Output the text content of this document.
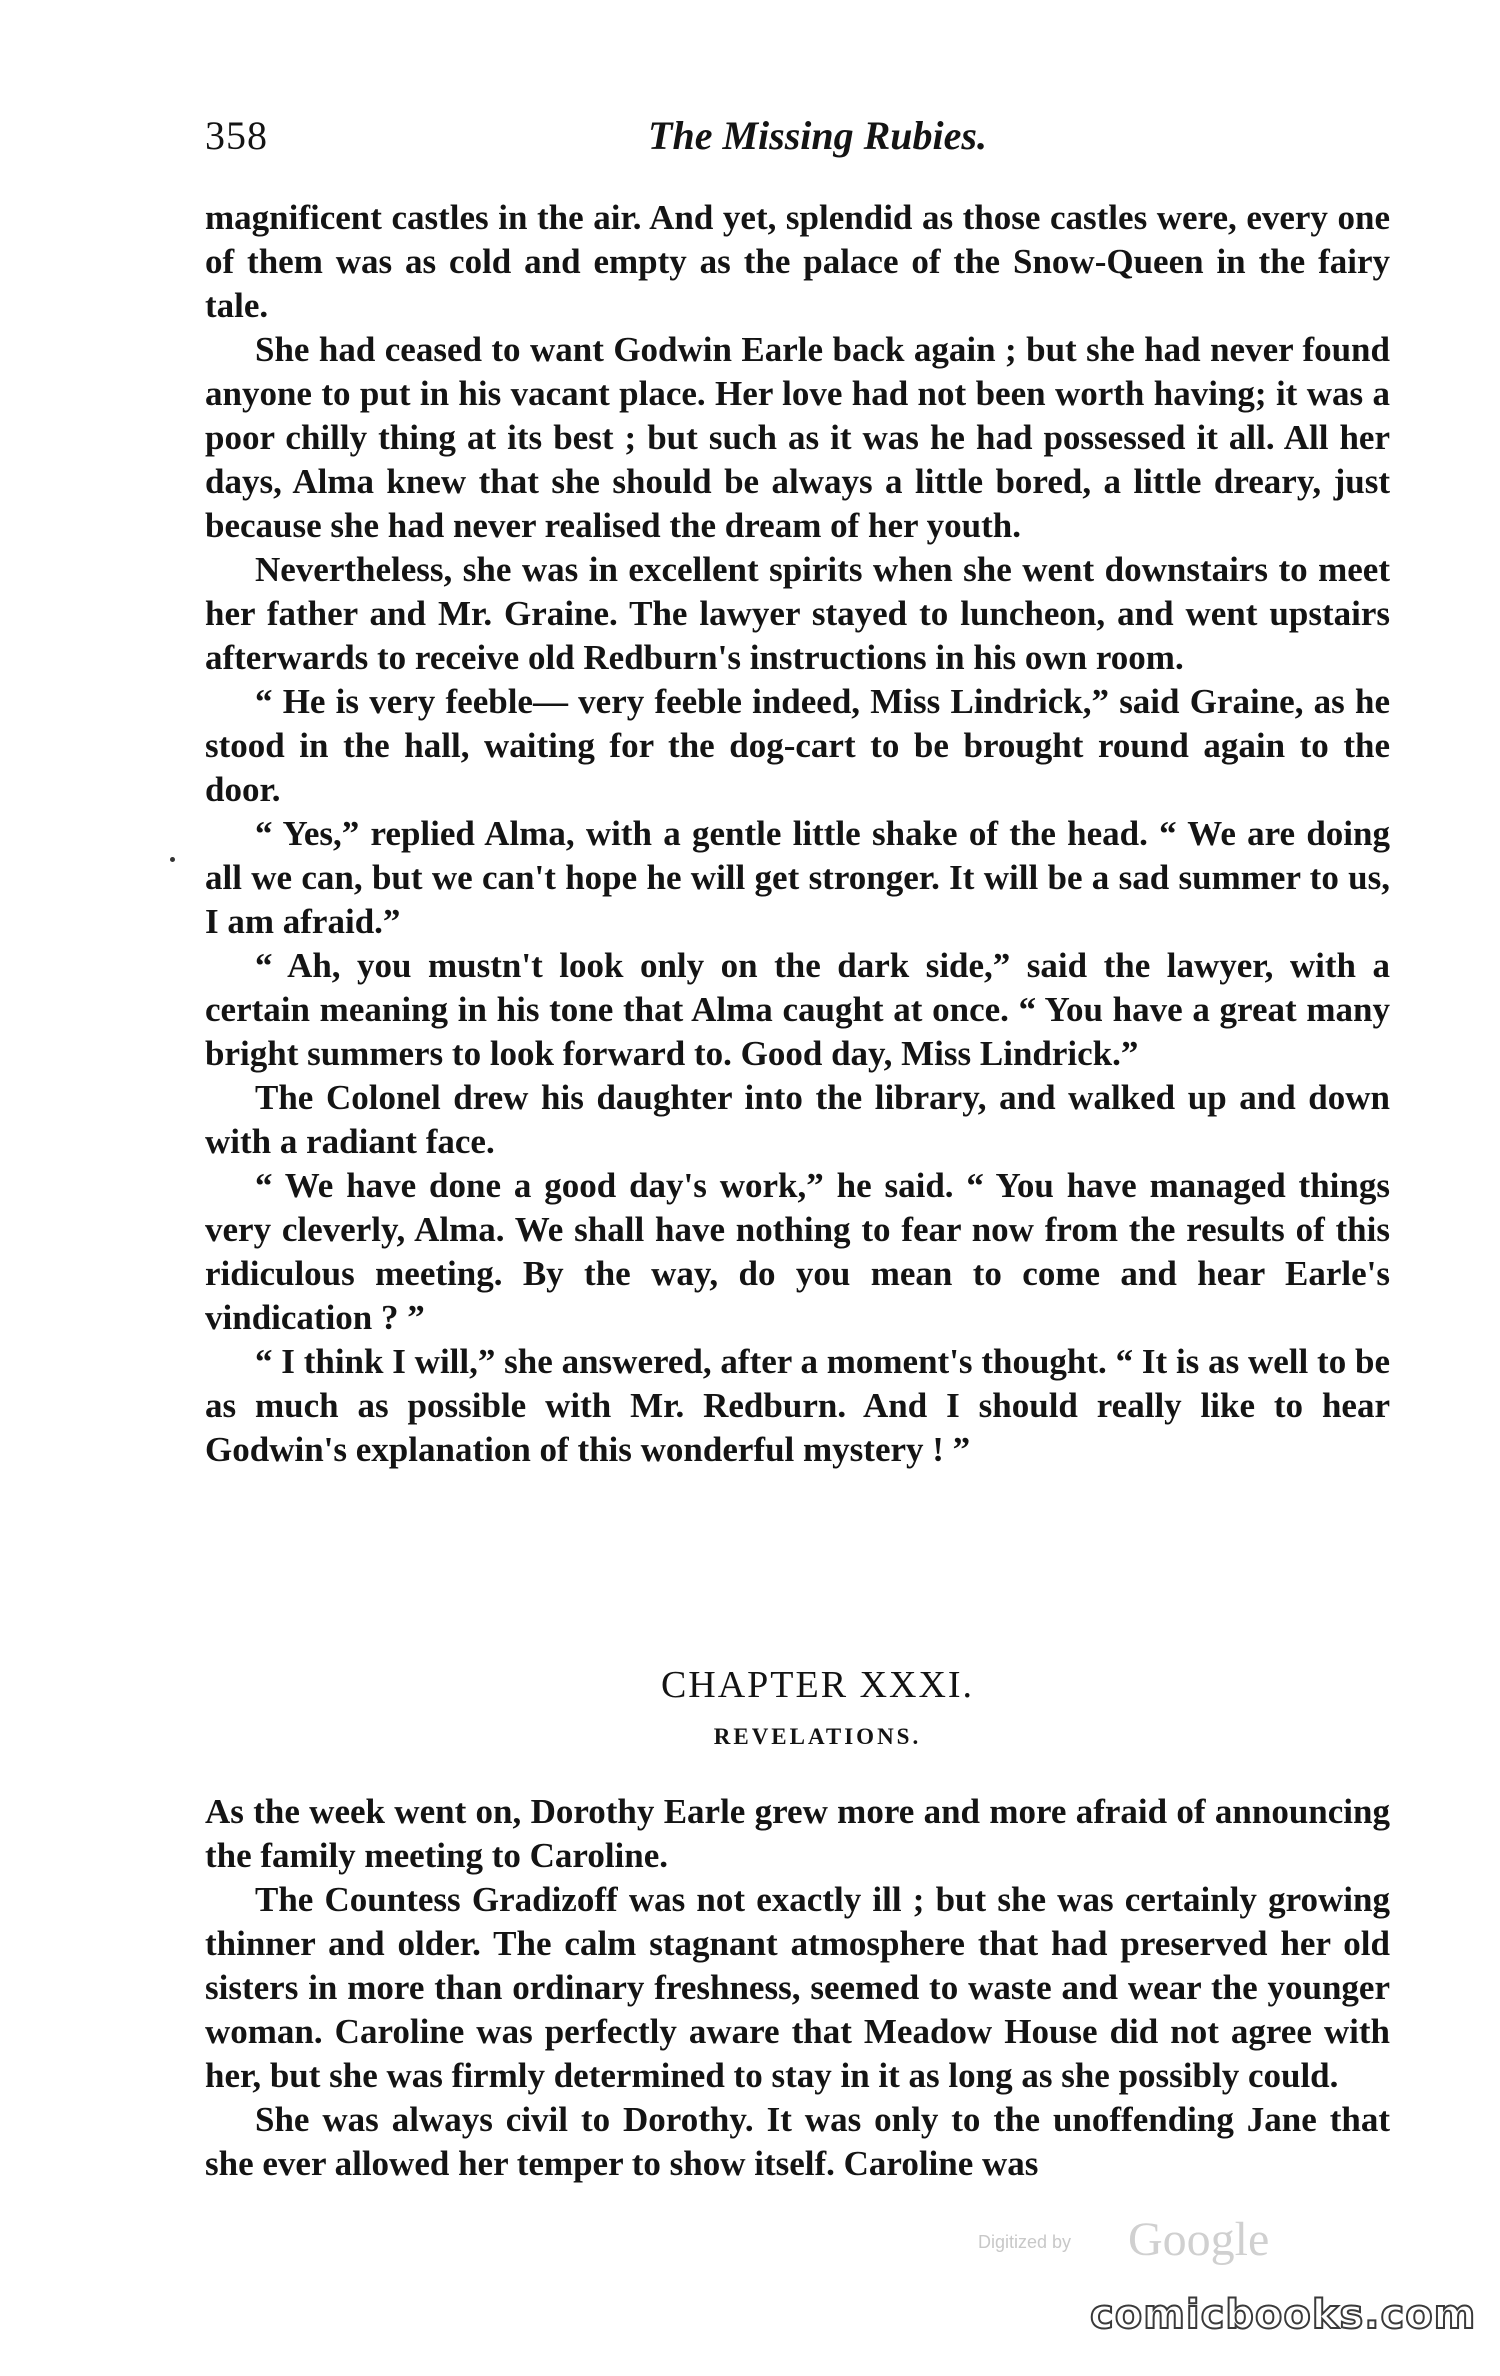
358	The Missing Rubies.

magnificent castles in the air. And yet, splendid as those castles were, every one of them was as cold and empty as the palace of the Snow-Queen in the fairy tale.

She had ceased to want Godwin Earle back again ; but she had never found anyone to put in his vacant place. Her love had not been worth having; it was a poor chilly thing at its best ; but such as it was he had possessed it all. All her days, Alma knew that she should be always a little bored, a little dreary, just because she had never realised the dream of her youth.

Nevertheless, she was in excellent spirits when she went downstairs to meet her father and Mr. Graine. The lawyer stayed to luncheon, and went upstairs afterwards to receive old Redburn's instructions in his own room.

“ He is very feeble— very feeble indeed, Miss Lindrick,” said Graine, as he stood in the hall, waiting for the dog-cart to be brought round again to the door.

“ Yes,” replied Alma, with a gentle little shake of the head. “ We are doing all we can, but we can't hope he will get stronger. It will be a sad summer to us, I am afraid.”

“ Ah, you mustn't look only on the dark side,” said the lawyer, with a certain meaning in his tone that Alma caught at once. “ You have a great many bright summers to look forward to. Good day, Miss Lindrick.”

The Colonel drew his daughter into the library, and walked up and down with a radiant face.

“ We have done a good day's work,” he said. “ You have managed things very cleverly, Alma. We shall have nothing to fear now from the results of this ridiculous meeting. By the way, do you mean to come and hear Earle's vindication ? ”

“ I think I will,” she answered, after a moment's thought. “ It is as well to be as much as possible with Mr. Redburn. And I should really like to hear Godwin's explanation of this wonderful mystery ! ”

CHAPTER XXXI.
REVELATIONS.

As the week went on, Dorothy Earle grew more and more afraid of announcing the family meeting to Caroline.

The Countess Gradizoff was not exactly ill ; but she was certainly growing thinner and older. The calm stagnant atmosphere that had preserved her old sisters in more than ordinary freshness, seemed to waste and wear the younger woman. Caroline was perfectly aware that Meadow House did not agree with her, but she was firmly determined to stay in it as long as she possibly could.

She was always civil to Dorothy. It was only to the unoffending Jane that she ever allowed her temper to show itself. Caroline was

Digitized by Google
comicbooks.com
